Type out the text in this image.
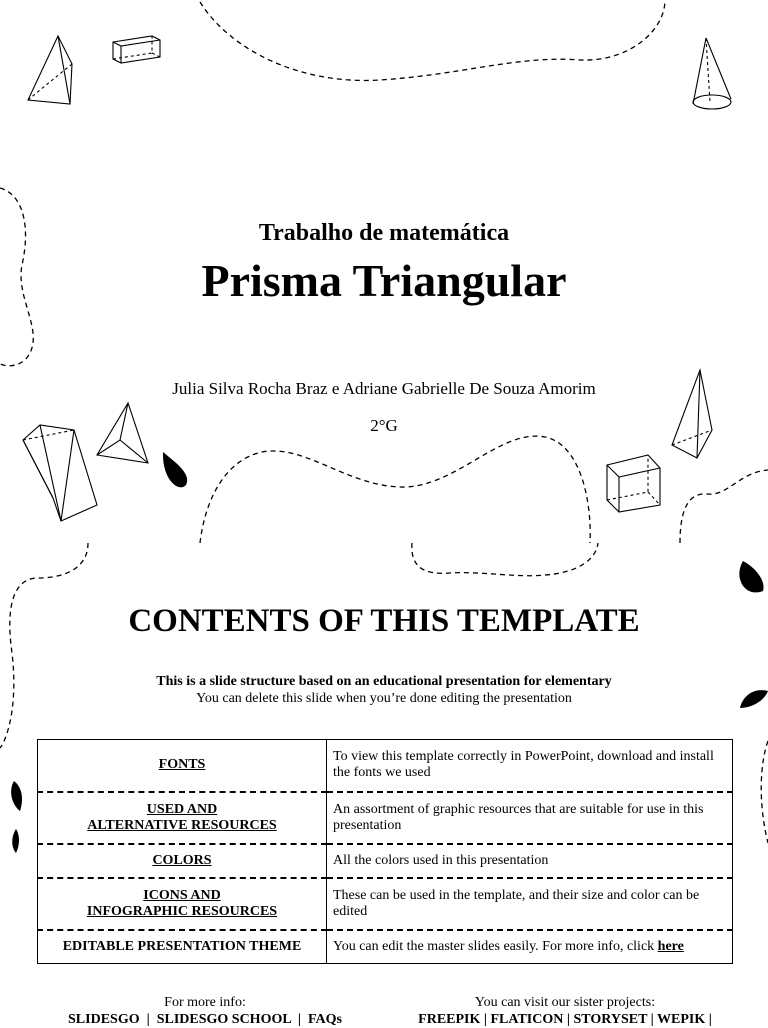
Trabalho de matemática
Prisma Triangular
Julia Silva Rocha Braz e Adriane Gabrielle De Souza Amorim
2°G
CONTENTS OF THIS TEMPLATE
This is a slide structure based on an educational presentation for elementary
You can delete this slide when you’re done editing the presentation
FONTS	To view this template correctly in PowerPoint, download and install the fonts we used
USED AND
ALTERNATIVE RESOURCES	An assortment of graphic resources that are suitable for use in this presentation
COLORS	All the colors used in this presentation
ICONS AND
INFOGRAPHIC RESOURCES	These can be used in the template, and their size and color can be edited
EDITABLE PRESENTATION THEME	You can edit the master slides easily. For more info, click here
For more info:
SLIDESGO  |  SLIDESGO SCHOOL  |  FAQs
You can visit our sister projects:
FREEPIK | FLATICON | STORYSET | WEPIK |
